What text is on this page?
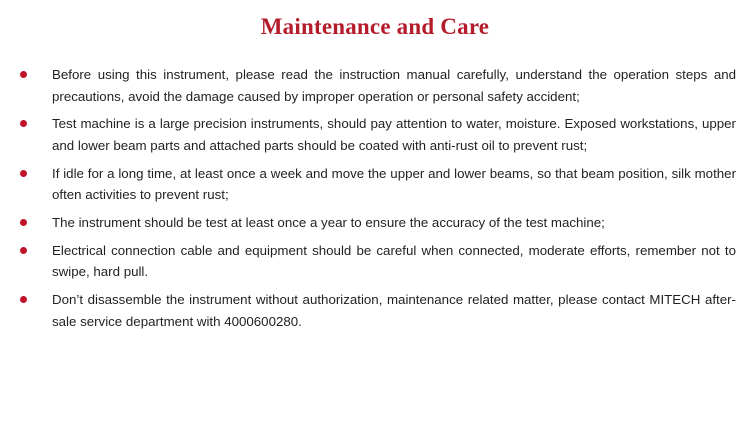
Maintenance and Care
Before using this instrument, please read the instruction manual carefully, understand the operation steps and precautions, avoid the damage caused by improper operation or personal safety accident;
Test machine is a large precision instruments, should pay attention to water, moisture. Exposed workstations, upper and lower beam parts and attached parts should be coated with anti-rust oil to prevent rust;
If idle for a long time, at least once a week and move the upper and lower beams, so that beam position, silk mother often activities to prevent rust;
The instrument should be test at least once a year to ensure the accuracy of the test machine;
Electrical connection cable and equipment should be careful when connected, moderate efforts, remember not to swipe, hard pull.
Don’t disassemble the instrument without authorization, maintenance related matter, please contact MITECH after-sale service department with 4000600280.
